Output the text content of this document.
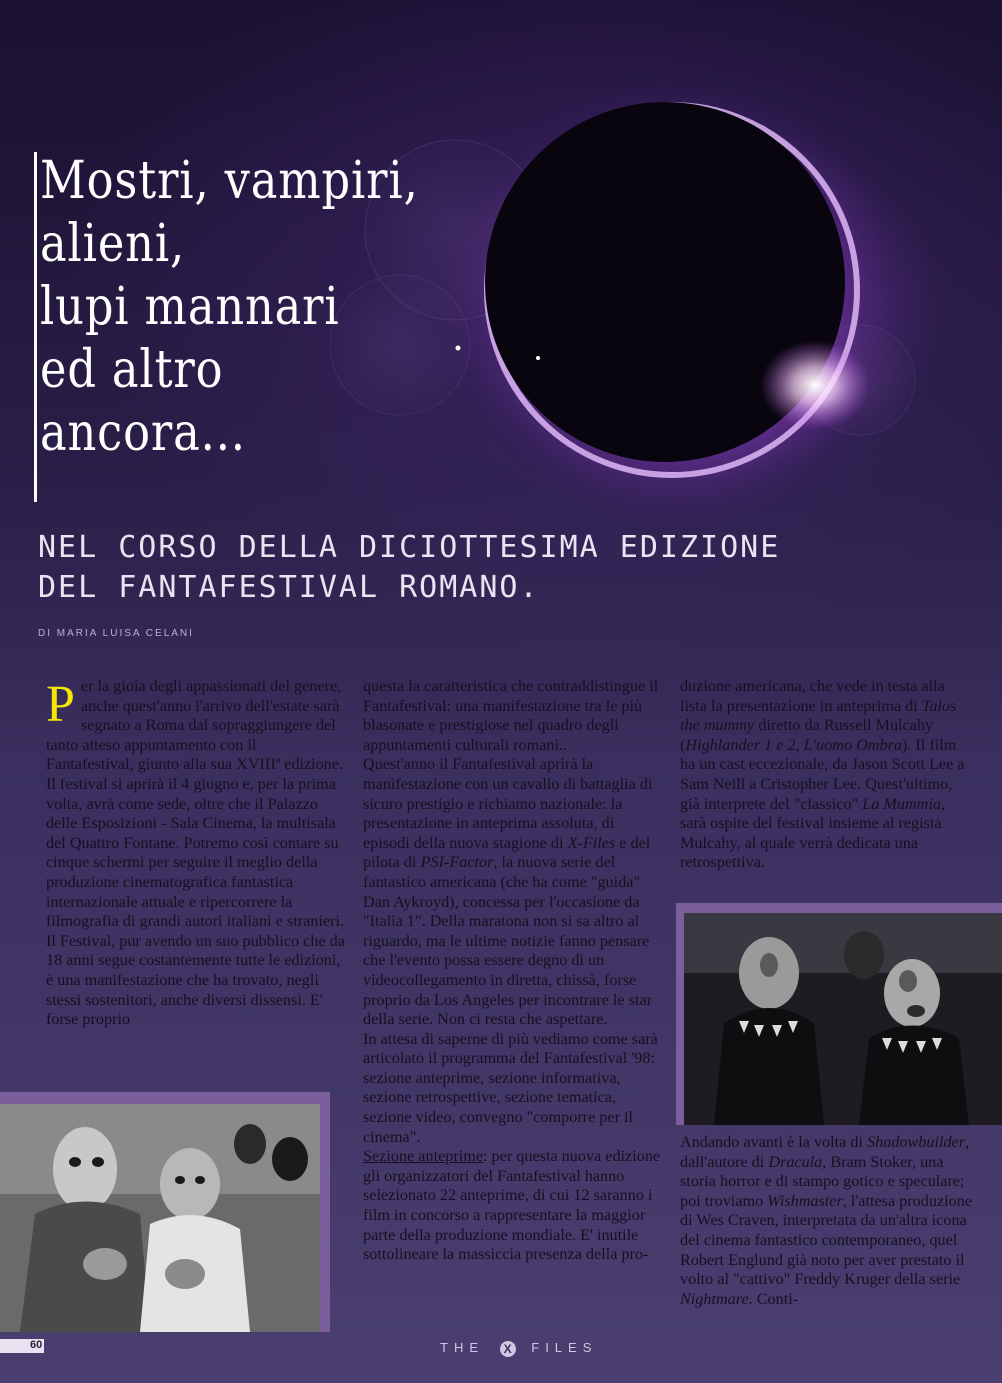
Mostri, vampiri,
alieni,
lupi mannari
ed altro
ancora...
NEL CORSO DELLA DICIOTTESIMA EDIZIONE
DEL FANTAFESTIVAL ROMANO.
DI MARIA LUISA CELANI

Per la gioia degli appassionati del genere, anche quest'anno l'arrivo dell'estate sarà segnato a Roma dal sopraggiungere del tanto atteso appuntamento con il Fantafestival, giunto alla sua XVIIIª edizione.

Il festival si aprirà il 4 giugno e, per la prima volta, avrà come sede, oltre che il Palazzo delle Esposizioni - Sala Cinema, la multisala del Quattro Fontane. Potremo così contare su cinque schermi per seguire il meglio della produzione cinematografica fantastica internazionale attuale e ripercorrere la filmografia di grandi autori italiani e stranieri.

Il Festival, pur avendo un suo pubblico che da 18 anni segue costantemente tutte le edizioni, è una manifestazione che ha trovato, negli stessi sostenitori, anche diversi dissensi. E' forse proprio

questa la caratteristica che contraddistingue il Fantafestival: una manifestazione tra le più blasonate e prestigiose nel quadro degli appuntamenti culturali romani..

Quest'anno il Fantafestival aprirà la manifestazione con un cavallo di battaglia di sicuro prestigio e richiamo nazionale: la presentazione in anteprima assoluta, di episodi della nuova stagione di X-Files e del pilota di PSI-Factor, la nuova serie del fantastico americana (che ha come "guida" Dan Aykroyd), concessa per l'occasione da "Italia 1". Della maratona non si sa altro al riguardo, ma le ultime notizie fanno pensare che l'evento possa essere degno di un videocollegamento in diretta, chissà, forse proprio da Los Angeles per incontrare le star della serie. Non ci resta che aspettare.

In attesa di saperne di più vediamo come sarà articolato il programma del Fantafestival '98: sezione anteprime, sezione informativa, sezione retrospettive, sezione tematica, sezione video, convegno "comporre per il cinema".

Sezione anteprime: per questa nuova edizione gli organizzatori del Fantafestival hanno selezionato 22 anteprime, di cui 12 saranno i film in concorso a rappresentare la maggior parte della produzione mondiale. E' inutile sottolineare la massiccia presenza della pro-

duzione americana, che vede in testa alla lista la presentazione in anteprima di Talos the mummy diretto da Russell Mulcahy (Highlander 1 e 2, L'uomo Ombra). Il film ha un cast eccezionale, da Jason Scott Lee a Sam Neill a Cristopher Lee. Quest'ultimo, già interprete del "classico" La Mummia, sarà ospite del festival insieme al regista Mulcahy, al quale verrà dedicata una retrospettiva.

Andando avanti è la volta di Shadowbuilder, dall'autore di Dracula, Bram Stoker, una storia horror e di stampo gotico e speculare; poi troviamo Wishmaster, l'attesa produzione di Wes Craven, interpretata da un'altra icona del cinema fantastico contemporaneo, quel Robert Englund già noto per aver prestato il volto al "cattivo" Freddy Kruger della serie Nightmare. Conti-

60	THE X FILES
